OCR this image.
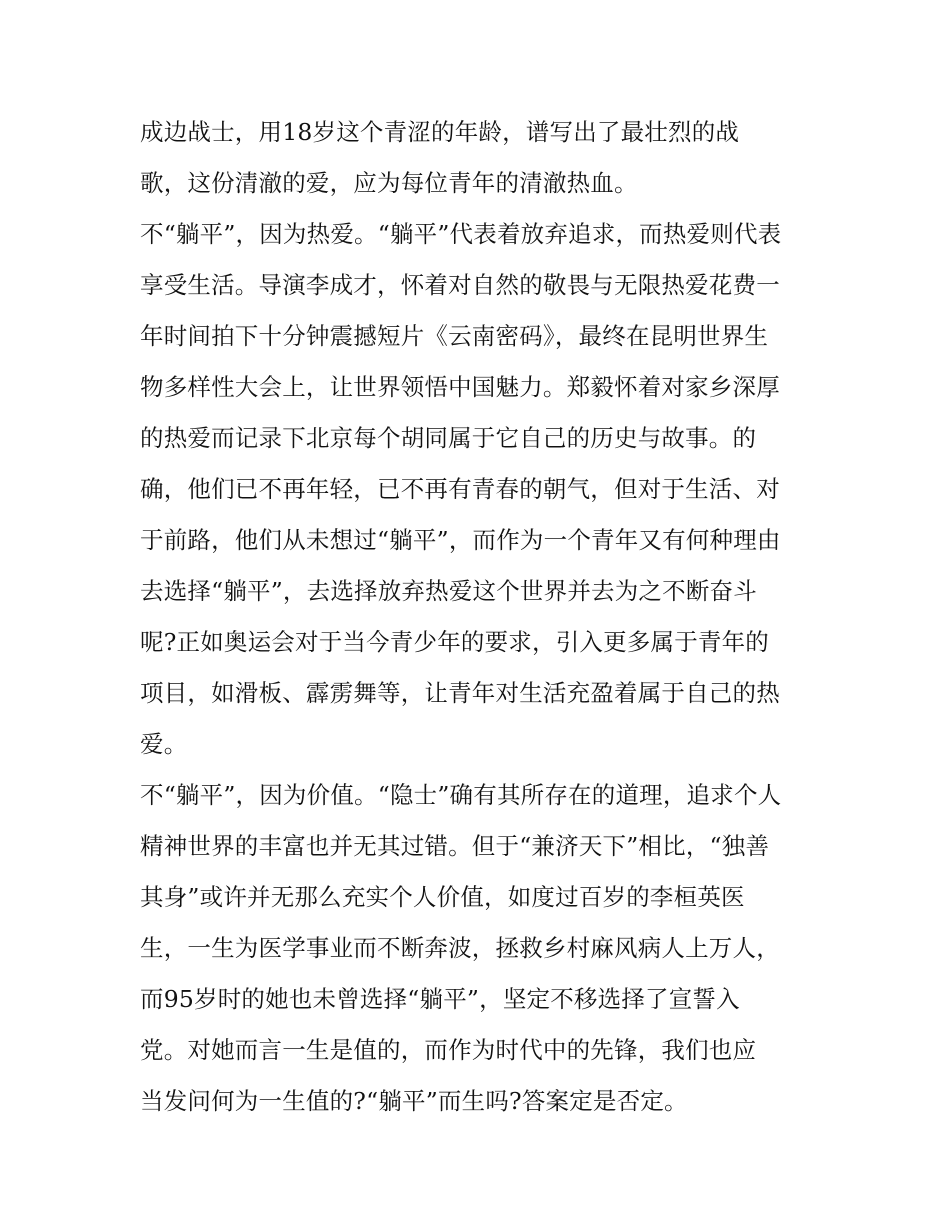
成边战士，用18岁这个青涩的年龄，谱写出了最壮烈的战
歌，这份清澈的爱，应为每位青年的清澈热血。
不“躺平”，因为热爱。“躺平”代表着放弃追求，而热爱则代表
享受生活。导演李成才，怀着对自然的敬畏与无限热爱花费一
年时间拍下十分钟震撼短片《云南密码》，最终在昆明世界生
物多样性大会上，让世界领悟中国魅力。郑毅怀着对家乡深厚
的热爱而记录下北京每个胡同属于它自己的历史与故事。的
确，他们已不再年轻，已不再有青春的朝气，但对于生活、对
于前路，他们从未想过“躺平”，而作为一个青年又有何种理由
去选择“躺平”，去选择放弃热爱这个世界并去为之不断奋斗
呢?正如奥运会对于当今青少年的要求，引入更多属于青年的
项目，如滑板、霹雳舞等，让青年对生活充盈着属于自己的热
爱。
不“躺平”，因为价值。“隐士”确有其所存在的道理，追求个人
精神世界的丰富也并无其过错。但于“兼济天下”相比，“独善
其身”或许并无那么充实个人价值，如度过百岁的李桓英医
生，一生为医学事业而不断奔波，拯救乡村麻风病人上万人，
而95岁时的她也未曾选择“躺平”，坚定不移选择了宣誓入
党。对她而言一生是值的，而作为时代中的先锋，我们也应
当发问何为一生值的?“躺平”而生吗?答案定是否定。
